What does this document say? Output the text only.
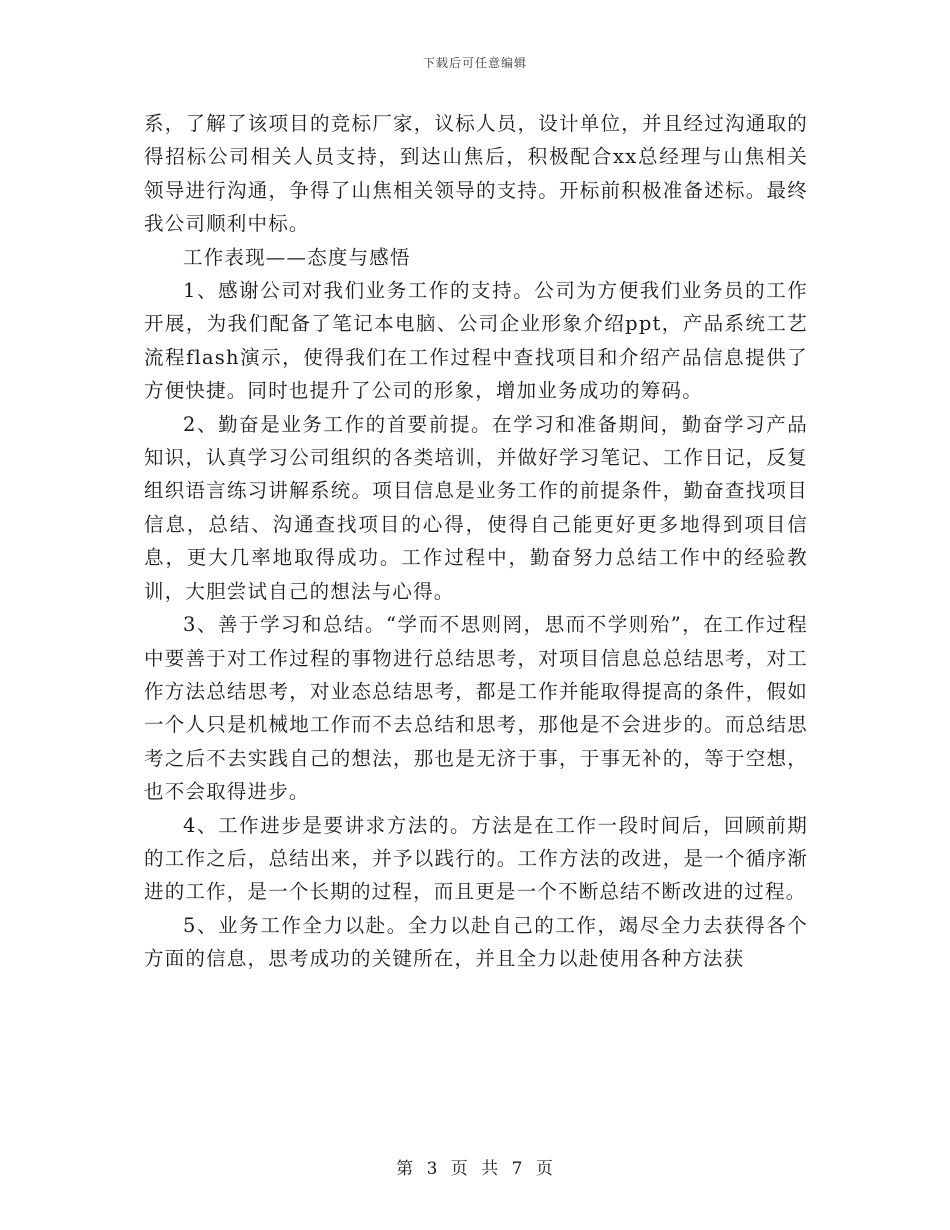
下载后可任意编辑

系，了解了该项目的竞标厂家，议标人员，设计单位，并且经过沟通取的得招标公司相关人员支持，到达山焦后，积极配合xx总经理与山焦相关领导进行沟通，争得了山焦相关领导的支持。开标前积极准备述标。最终我公司顺利中标。

工作表现——态度与感悟

1、感谢公司对我们业务工作的支持。公司为方便我们业务员的工作开展，为我们配备了笔记本电脑、公司企业形象介绍ppt，产品系统工艺流程flash演示，使得我们在工作过程中查找项目和介绍产品信息提供了方便快捷。同时也提升了公司的形象，增加业务成功的筹码。

2、勤奋是业务工作的首要前提。在学习和准备期间，勤奋学习产品知识，认真学习公司组织的各类培训，并做好学习笔记、工作日记，反复组织语言练习讲解系统。项目信息是业务工作的前提条件，勤奋查找项目信息，总结、沟通查找项目的心得，使得自己能更好更多地得到项目信息，更大几率地取得成功。工作过程中，勤奋努力总结工作中的经验教训，大胆尝试自己的想法与心得。

3、善于学习和总结。“学而不思则罔，思而不学则殆”，在工作过程中要善于对工作过程的事物进行总结思考，对项目信息总总结思考，对工作方法总结思考，对业态总结思考，都是工作并能取得提高的条件，假如一个人只是机械地工作而不去总结和思考，那他是不会进步的。而总结思考之后不去实践自己的想法，那也是无济于事，于事无补的，等于空想，也不会取得进步。

4、工作进步是要讲求方法的。方法是在工作一段时间后，回顾前期的工作之后，总结出来，并予以践行的。工作方法的改进，是一个循序渐进的工作，是一个长期的过程，而且更是一个不断总结不断改进的过程。

5、业务工作全力以赴。全力以赴自己的工作，竭尽全力去获得各个方面的信息，思考成功的关键所在，并且全力以赴使用各种方法获

第 3 页 共 7 页
